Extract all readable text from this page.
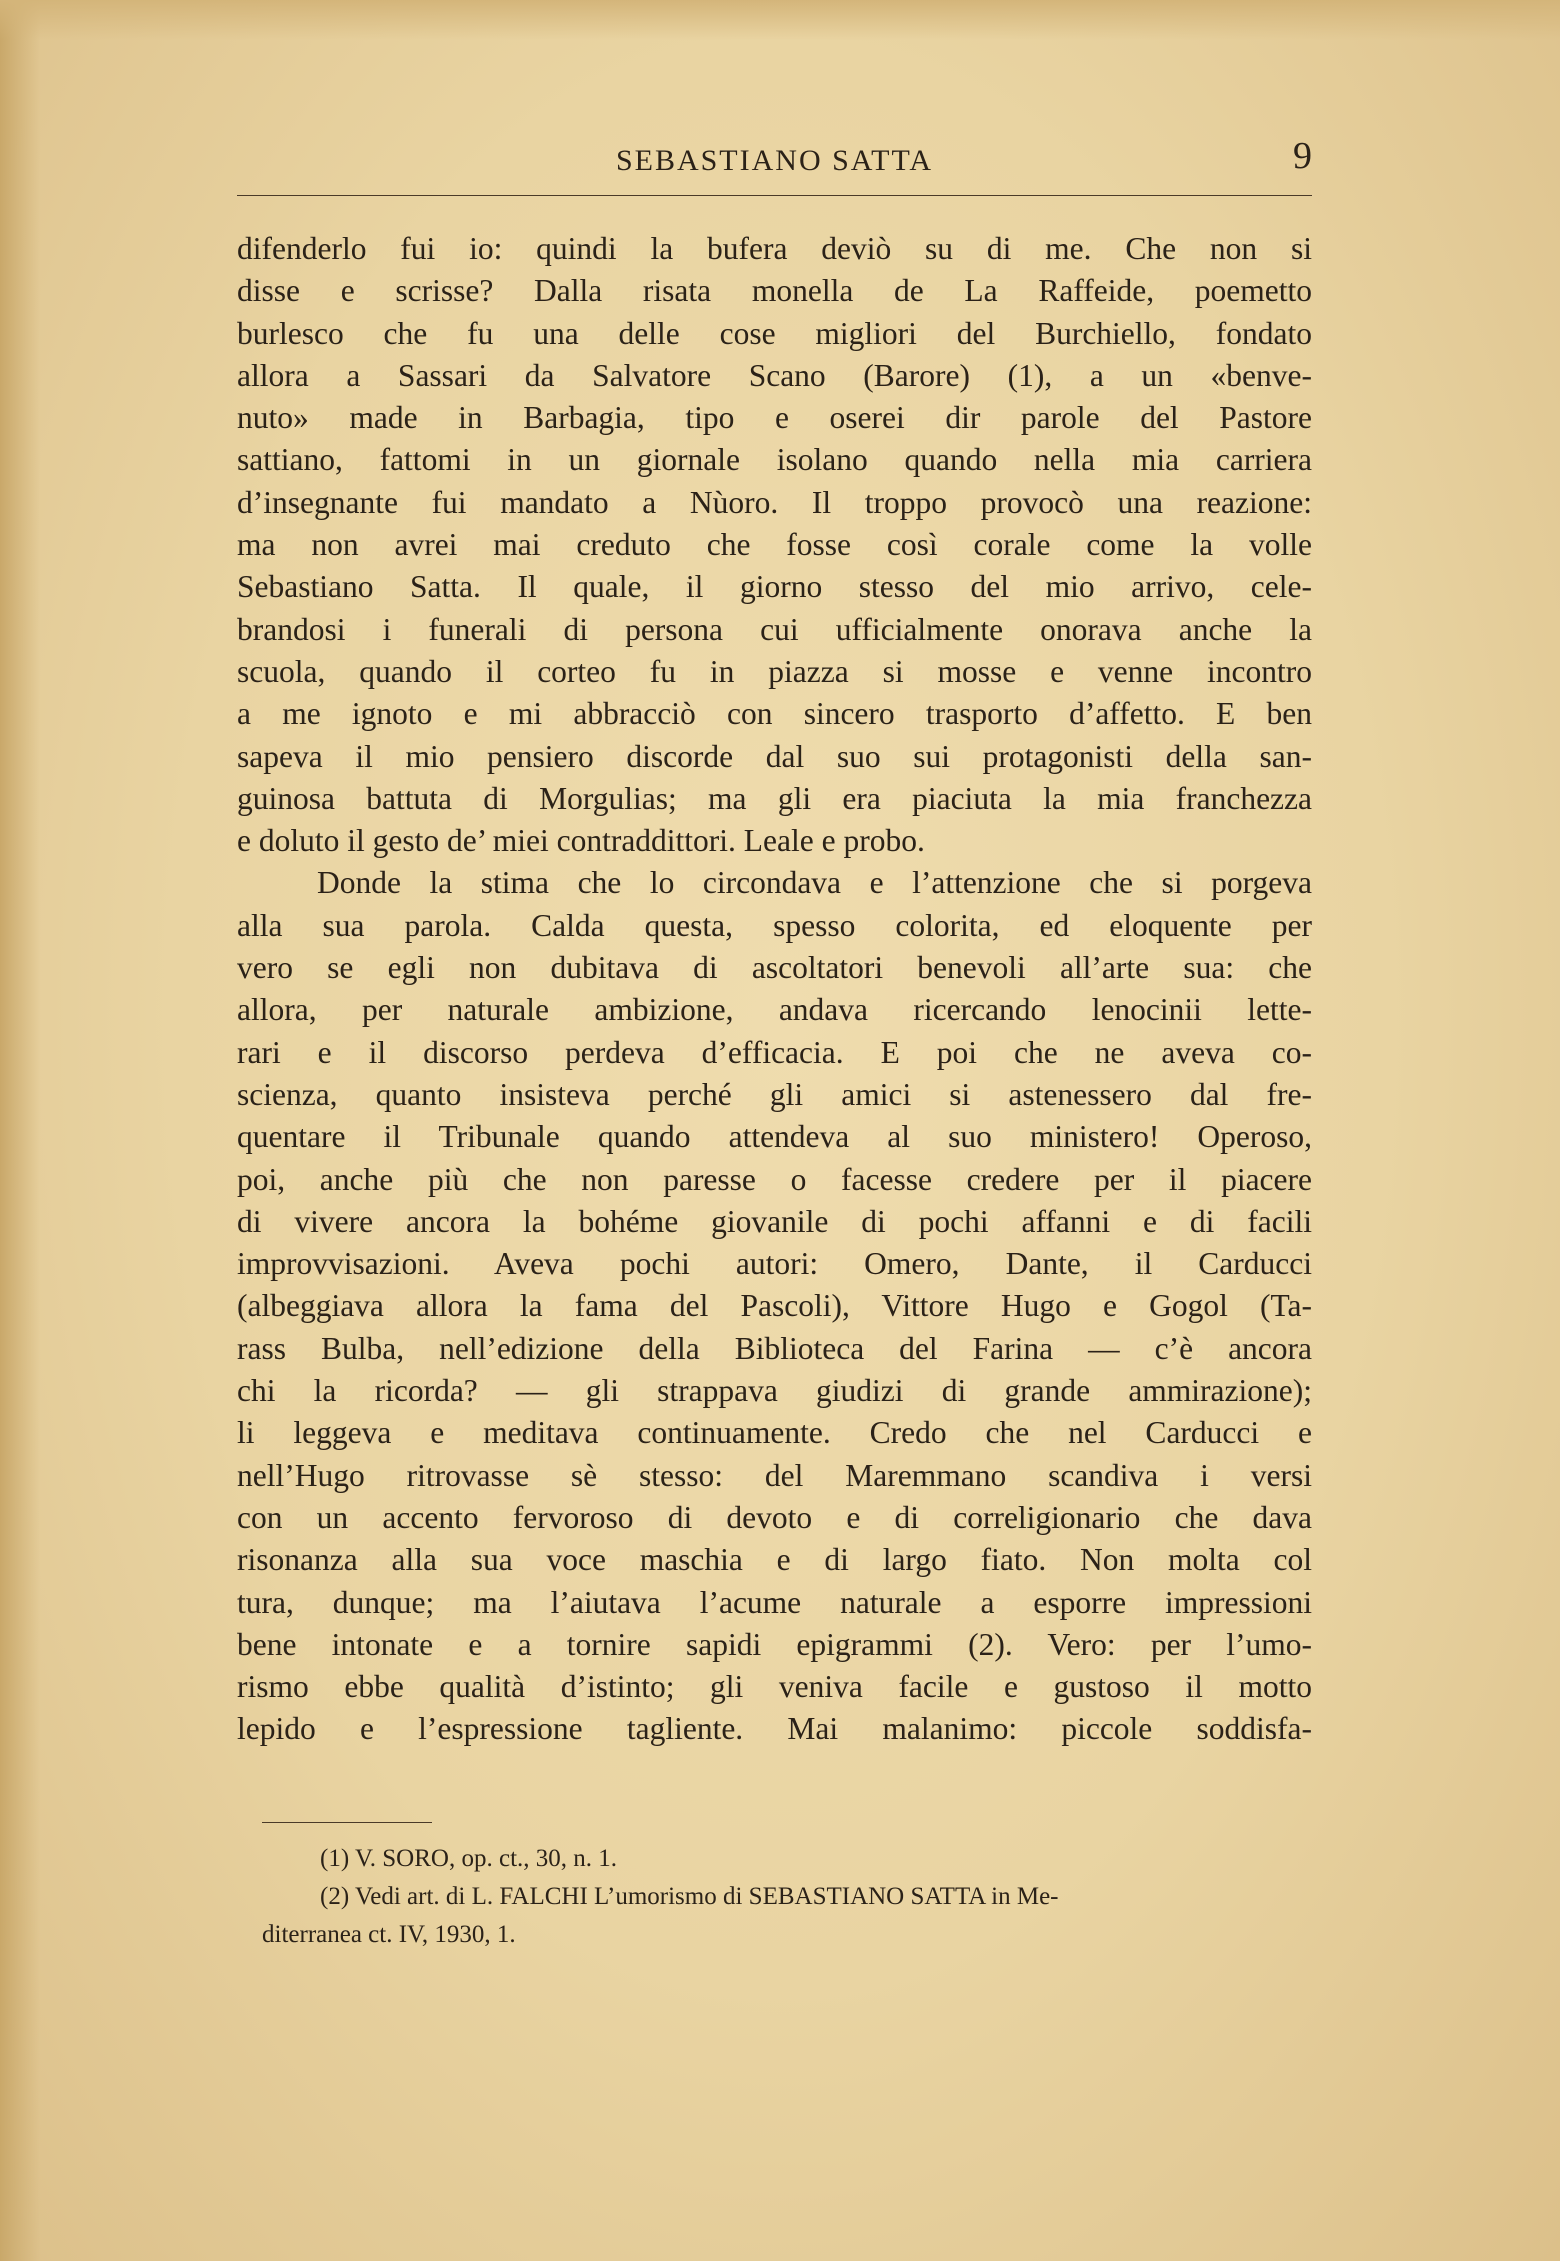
SEBASTIANO SATTA	9

difenderlo fui io: quindi la bufera deviò su di me. Che non si
disse e scrisse? Dalla risata monella de La Raffeide, poemetto
burlesco che fu una delle cose migliori del Burchiello, fondato
allora a Sassari da Salvatore Scano (Barore) (1), a un «benve-
nuto» made in Barbagia, tipo e oserei dir parole del Pastore
sattiano, fattomi in un giornale isolano quando nella mia carriera
d’insegnante fui mandato a Nùoro. Il troppo provocò una reazione:
ma non avrei mai creduto che fosse così corale come la volle
Sebastiano Satta. Il quale, il giorno stesso del mio arrivo, cele-
brandosi i funerali di persona cui ufficialmente onorava anche la
scuola, quando il corteo fu in piazza si mosse e venne incontro
a me ignoto e mi abbracciò con sincero trasporto d’affetto. E ben
sapeva il mio pensiero discorde dal suo sui protagonisti della san-
guinosa battuta di Morgulias; ma gli era piaciuta la mia franchezza
e doluto il gesto de’ miei contraddittori. Leale e probo.

Donde la stima che lo circondava e l’attenzione che si porgeva
alla sua parola. Calda questa, spesso colorita, ed eloquente per
vero se egli non dubitava di ascoltatori benevoli all’arte sua: che
allora, per naturale ambizione, andava ricercando lenocinii lette-
rari e il discorso perdeva d’efficacia. E poi che ne aveva co-
scienza, quanto insisteva perché gli amici si astenessero dal fre-
quentare il Tribunale quando attendeva al suo ministero! Operoso,
poi, anche più che non paresse o facesse credere per il piacere
di vivere ancora la bohéme giovanile di pochi affanni e di facili
improvvisazioni. Aveva pochi autori: Omero, Dante, il Carducci
(albeggiava allora la fama del Pascoli), Vittore Hugo e Gogol (Ta-
rass Bulba, nell’edizione della Biblioteca del Farina — c’è ancora
chi la ricorda? — gli strappava giudizi di grande ammirazione);
li leggeva e meditava continuamente. Credo che nel Carducci e
nell’Hugo ritrovasse sè stesso: del Maremmano scandiva i versi
con un accento fervoroso di devoto e di correligionario che dava
risonanza alla sua voce maschia e di largo fiato. Non molta col
tura, dunque; ma l’aiutava l’acume naturale a esporre impressioni
bene intonate e a tornire sapidi epigrammi (2). Vero: per l’umo-
rismo ebbe qualità d’istinto; gli veniva facile e gustoso il motto
lepido e l’espressione tagliente. Mai malanimo: piccole soddisfa-

(1) V. SORO, op. ct., 30, n. 1.
(2) Vedi art. di L. FALCHI L’umorismo di SEBASTIANO SATTA in Me-
diterranea ct. IV, 1930, 1.
